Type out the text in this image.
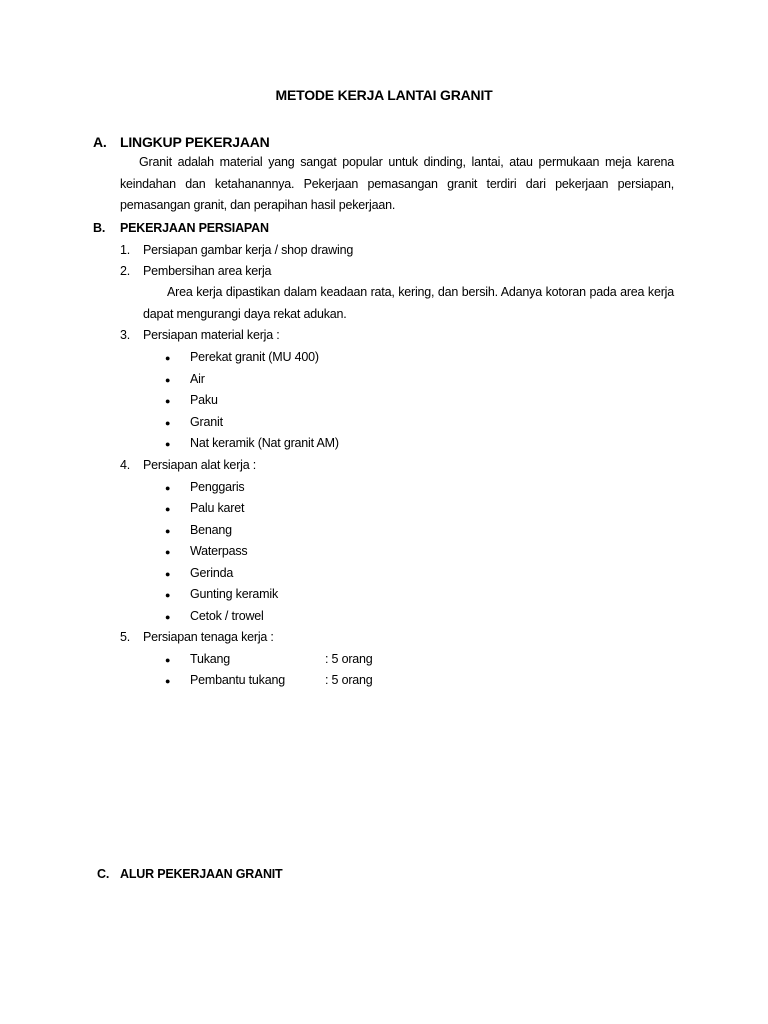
METODE KERJA LANTAI GRANIT
A. LINGKUP PEKERJAAN
Granit adalah material yang sangat popular untuk dinding, lantai, atau permukaan meja karena keindahan dan ketahanannya. Pekerjaan pemasangan granit terdiri dari pekerjaan persiapan, pemasangan granit, dan perapihan hasil pekerjaan.
B. PEKERJAAN PERSIAPAN
1. Persiapan gambar kerja / shop drawing
2. Pembersihan area kerja
Area kerja dipastikan dalam keadaan rata, kering, dan bersih. Adanya kotoran pada area kerja dapat mengurangi daya rekat adukan.
3. Persiapan material kerja :
● Perekat granit (MU 400)
● Air
● Paku
● Granit
● Nat keramik (Nat granit AM)
4. Persiapan alat kerja :
● Penggaris
● Palu karet
● Benang
● Waterpass
● Gerinda
● Gunting keramik
● Cetok / trowel
5. Persiapan tenaga kerja :
● Tukang	: 5 orang
● Pembantu tukang	: 5 orang
C. ALUR PEKERJAAN GRANIT
